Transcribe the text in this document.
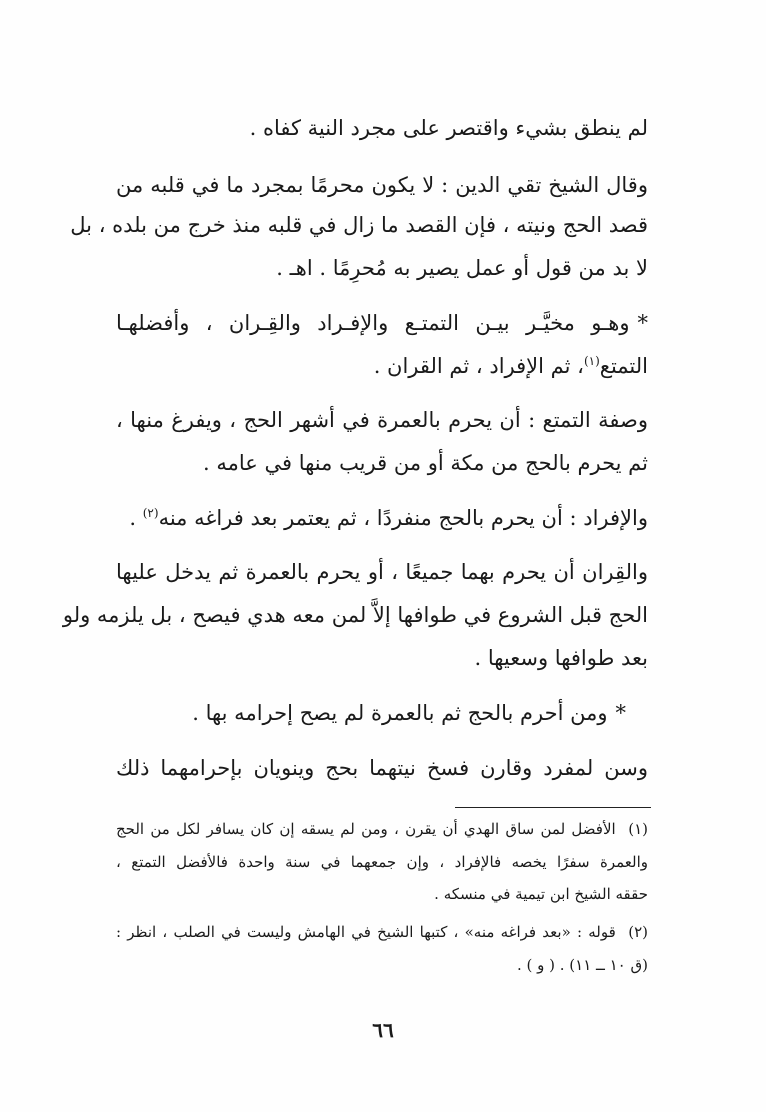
لم ينطق بشيء واقتصر على مجرد النية كفاه .
وقال الشيخ تقي الدين : لا يكون محرمًا بمجرد ما في قلبه من
قصد الحج ونيته ، فإن القصد ما زال في قلبه منذ خرج من بلده ، بل
لا بد من قول أو عمل يصير به مُحرِمًا . اهـ .
*وهـو مخيَّـر بيـن التمتـع والإفـراد والقِـران ، وأفضلهـا
التمتع$^{(١)}$، ثم الإفراد ، ثم القران .
وصفة التمتع : أن يحرم بالعمرة في أشهر الحج ، ويفرغ منها ،
ثم يحرم بالحج من مكة أو من قريب منها في عامه .
والإفراد : أن يحرم بالحج منفردًا ، ثم يعتمر بعد فراغه منه$^{(٢)}$ .
والقِران أن يحرم بهما جميعًا ، أو يحرم بالعمرة ثم يدخل عليها
الحج قبل الشروع في طوافها إلاَّ لمن معه هدي فيصح ، بل يلزمه ولو
بعد طوافها وسعيها .
*ومن أحرم بالحج ثم بالعمرة لم يصح إحرامه بها .
وسن لمفرد وقارن فسخ نيتهما بحج وينويان بإحرامهما ذلك
(١)  الأفضل لمن ساق الهدي أن يقرن ، ومن لم يسقه إن كان يسافر لكل من الحج
والعمرة سفرًا يخصه فالإفراد ، وإن جمعهما في سنة واحدة فالأفضل التمتع ،
حققه الشيخ ابن تيمية في منسكه .
(٢)  قوله : «بعد فراغه منه» ، كتبها الشيخ في الهامش وليست في الصلب ، انظر :
(ق ١٠ ــ ١١) . ( و ) .
٦٦
